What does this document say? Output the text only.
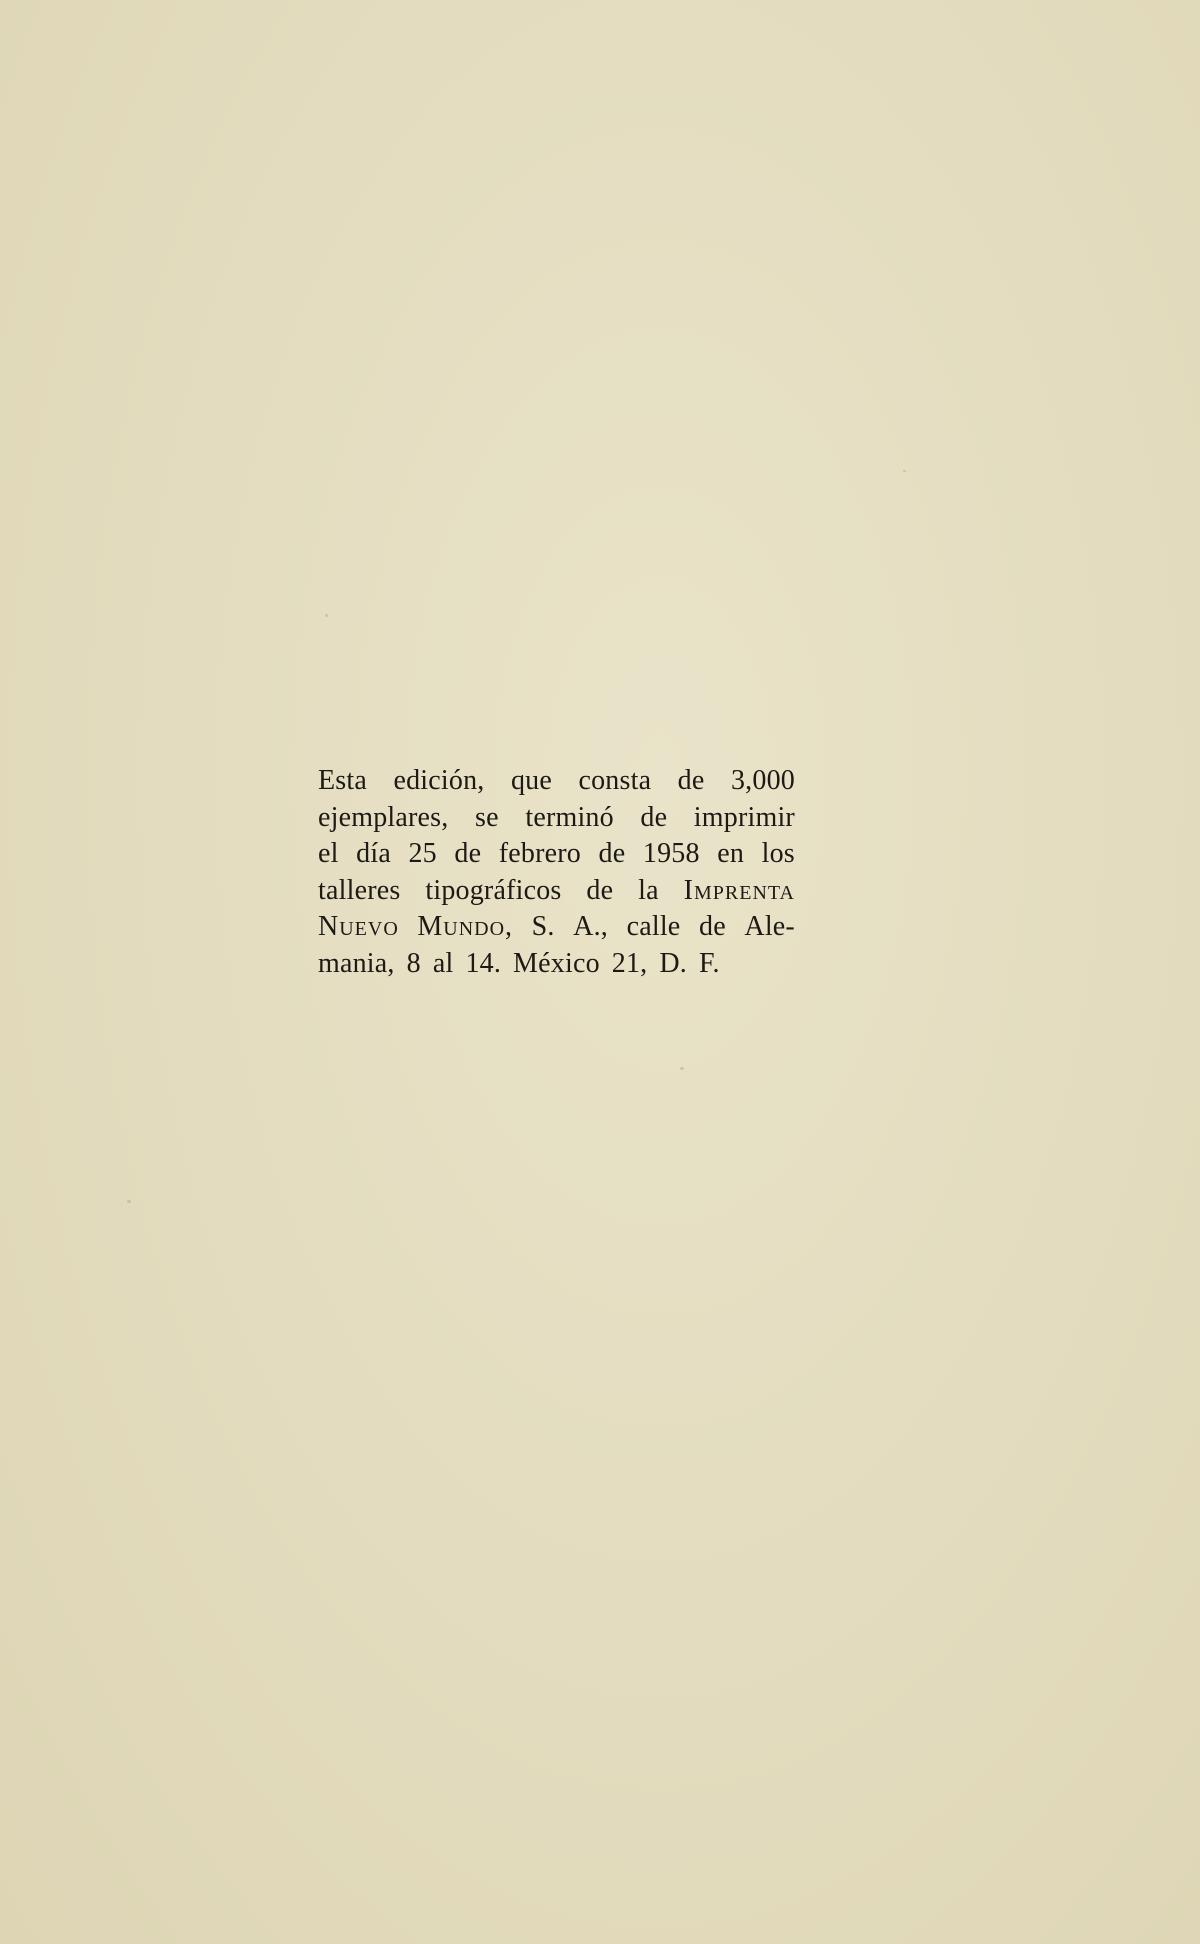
Esta edición, que consta de 3,000
ejemplares, se terminó de imprimir
el día 25 de febrero de 1958 en los
talleres tipográficos de la Imprenta
Nuevo Mundo, S. A., calle de Ale-
mania, 8 al 14. México 21, D. F.
